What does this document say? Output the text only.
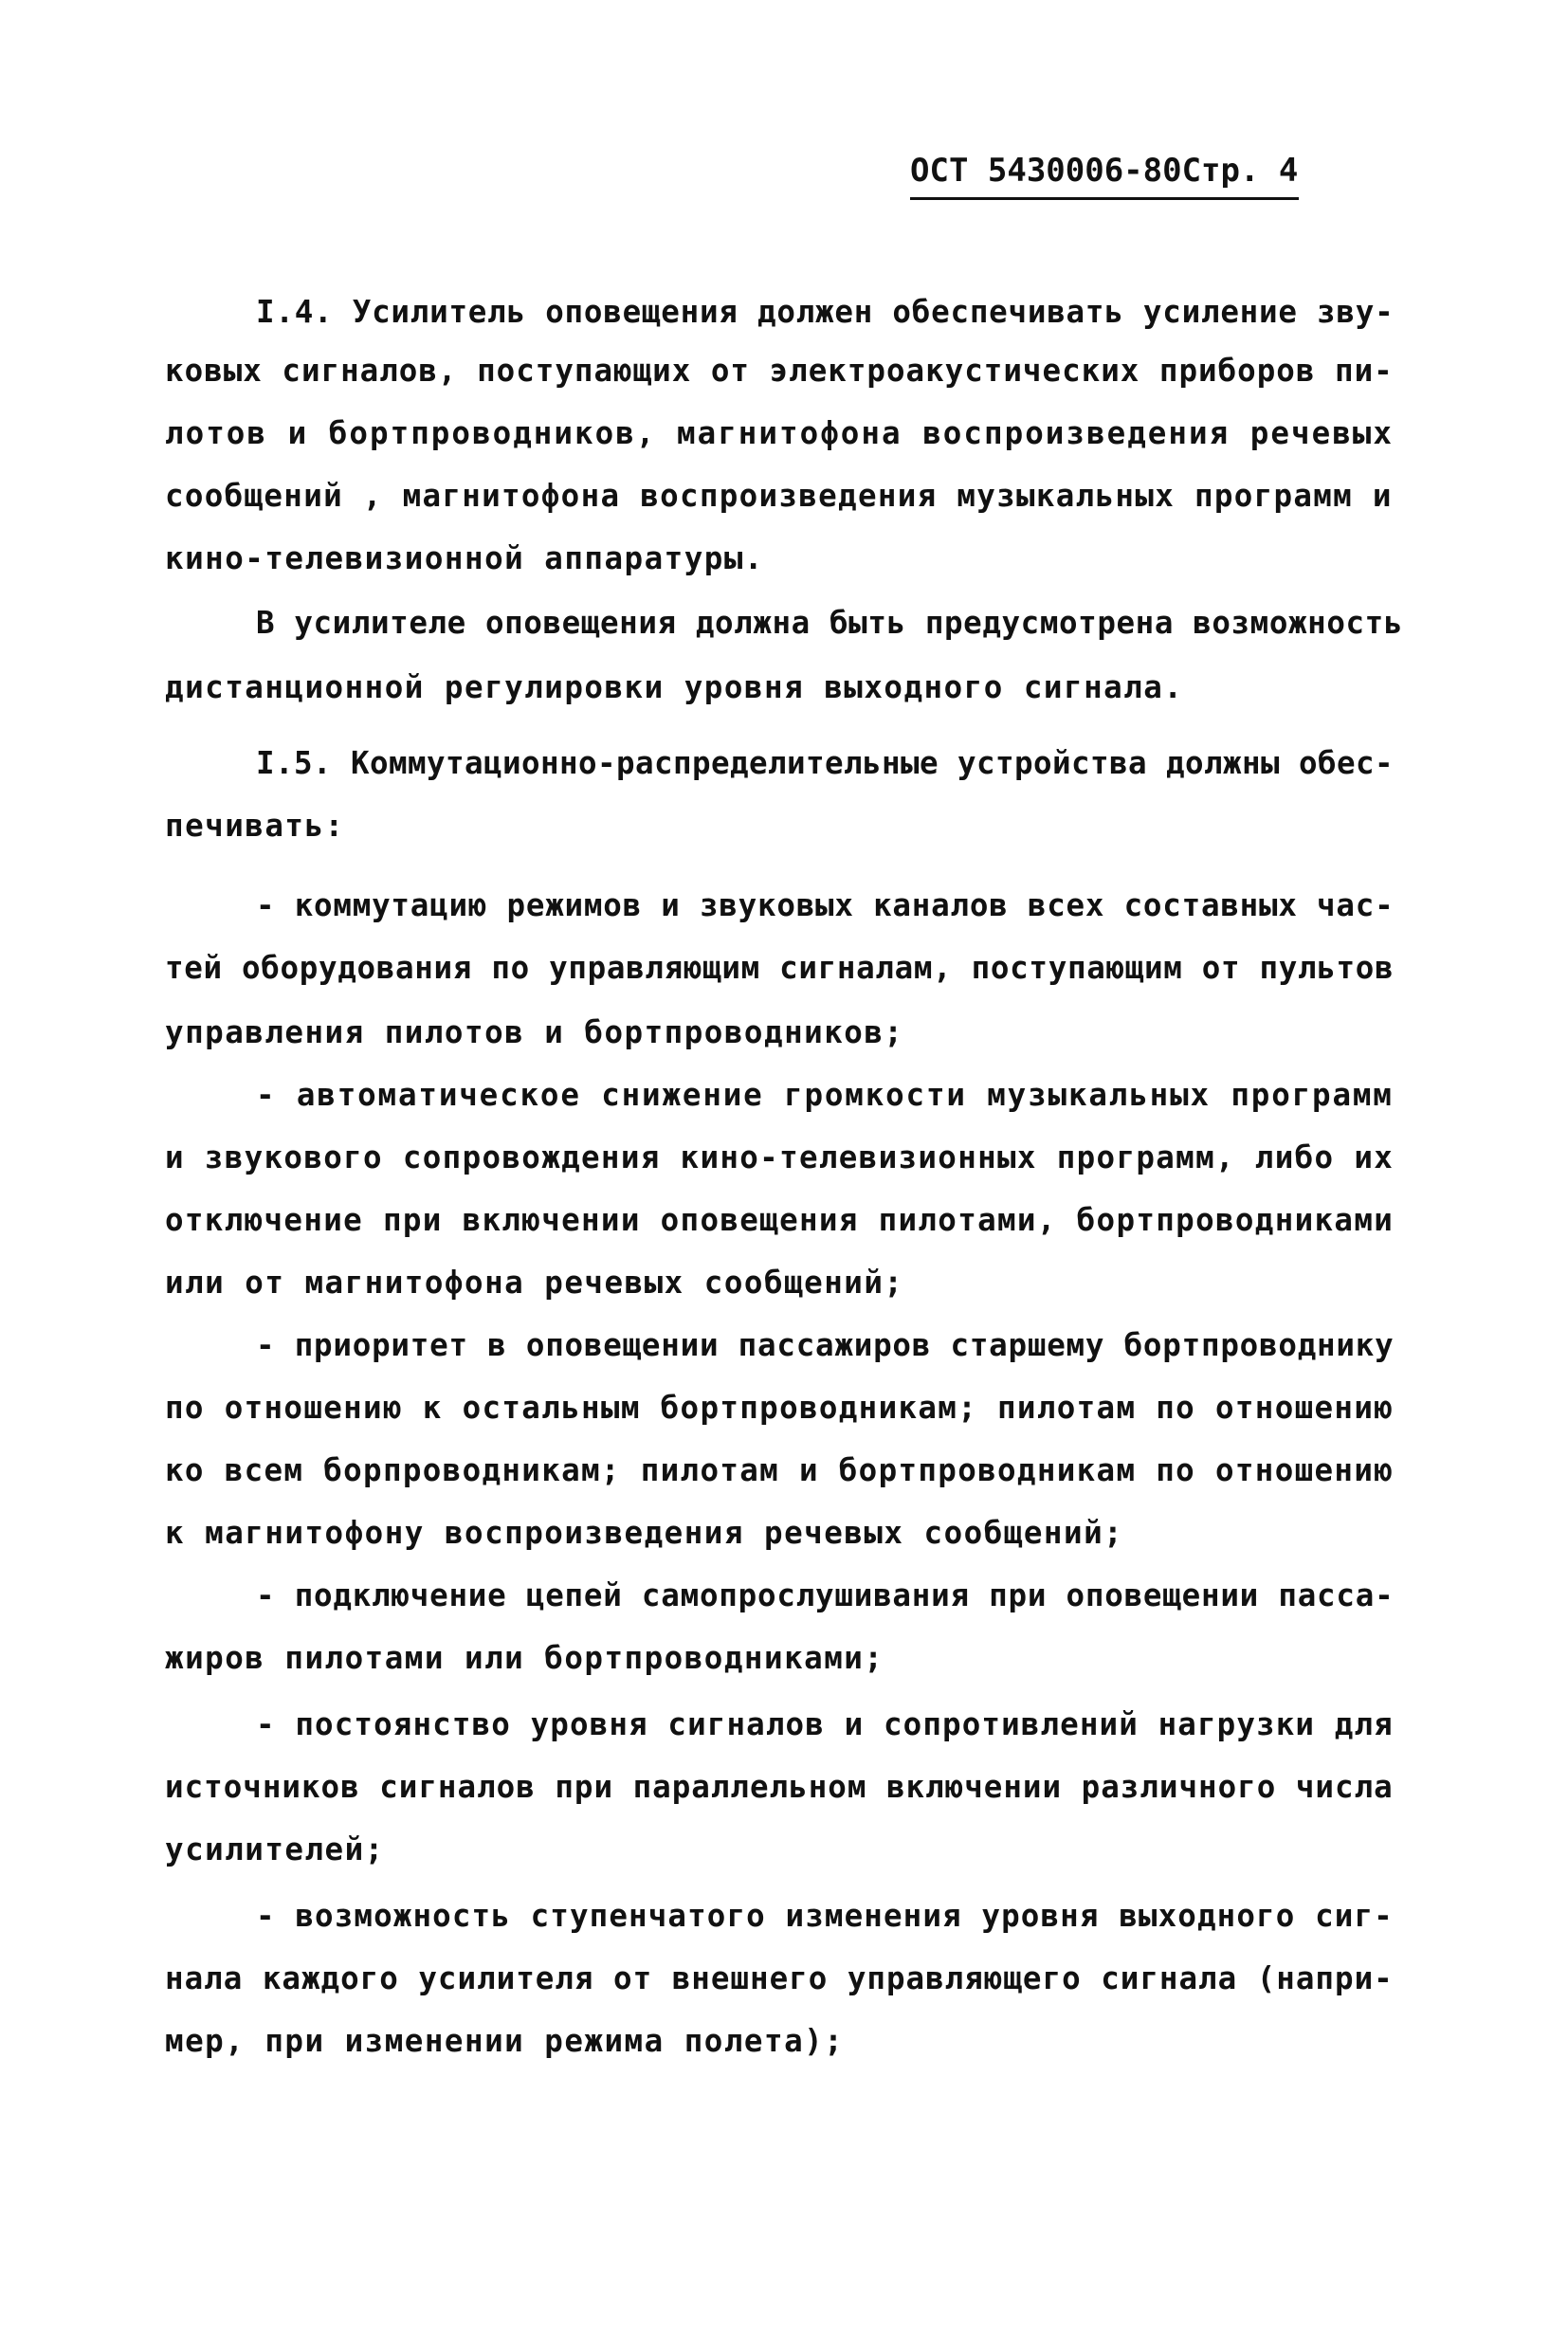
ОСТ 5430006-80Стр. 4
I.4. Усилитель оповещения должен обеспечивать усиление зву-
ковых сигналов, поступающих от электроакустических приборов пи-
лотов и бортпроводников, магнитофона воспроизведения речевых
сообщений , магнитофона воспроизведения музыкальных программ и
кино-телевизионной аппаратуры.
В усилителе оповещения должна быть предусмотрена возможность
дистанционной регулировки уровня выходного сигнала.
I.5. Коммутационно-распределительные устройства должны обес-
печивать:
- коммутацию режимов и звуковых каналов всех составных час-
тей оборудования по управляющим сигналам, поступающим от пультов
управления пилотов и бортпроводников;
- автоматическое снижение громкости музыкальных программ
и звукового сопровождения кино-телевизионных программ, либо их
отключение при включении оповещения пилотами, бортпроводниками
или от магнитофона речевых сообщений;
- приоритет в оповещении пассажиров старшему бортпроводнику
по отношению к остальным бортпроводникам; пилотам по отношению
ко всем борпроводникам; пилотам и бортпроводникам по отношению
к магнитофону воспроизведения речевых сообщений;
- подключение цепей самопрослушивания при оповещении пасса-
жиров пилотами или бортпроводниками;
- постоянство уровня сигналов и сопротивлений нагрузки для
источников сигналов при параллельном включении различного числа
усилителей;
- возможность ступенчатого изменения уровня выходного сиг-
нала каждого усилителя от внешнего управляющего сигнала (напри-
мер, при изменении режима полета);
